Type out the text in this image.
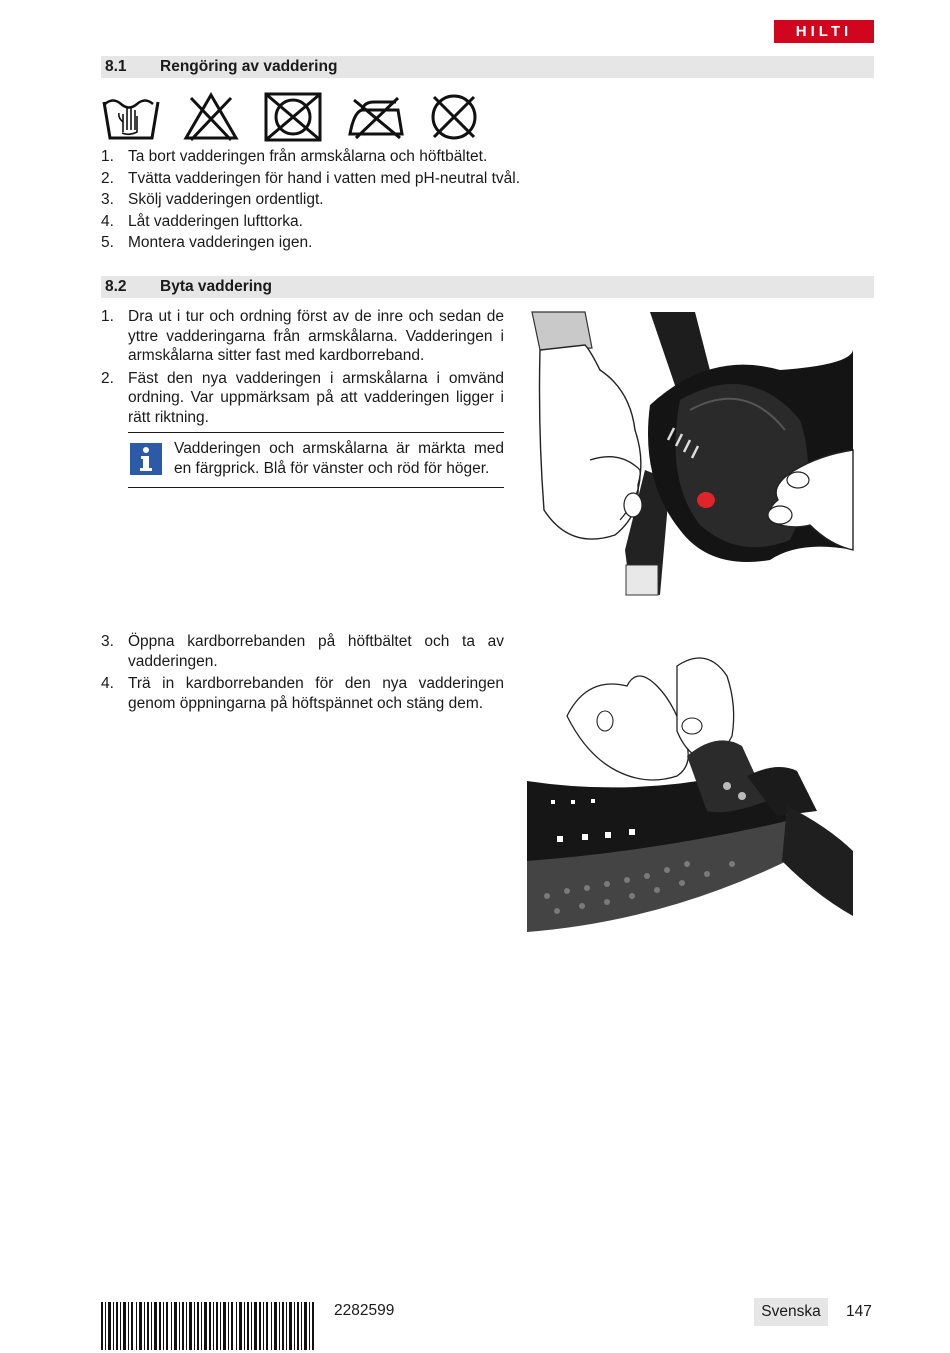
HILTI
8.1 Rengöring av vaddering
1. Ta bort vadderingen från armskålarna och höftbältet.
2. Tvätta vadderingen för hand i vatten med pH-neutral tvål.
3. Skölj vadderingen ordentligt.
4. Låt vadderingen lufttorka.
5. Montera vadderingen igen.
8.2 Byta vaddering
1. Dra ut i tur och ordning först av de inre och sedan de yttre vadderingarna från armskålarna. Vadderingen i armskålarna sitter fast med kardborreband.
2. Fäst den nya vadderingen i armskålarna i omvänd ordning. Var uppmärksam på att vadderingen ligger i rätt riktning.
Vadderingen och armskålarna är märkta med en färgprick. Blå för vänster och röd för höger.
3. Öppna kardborrebanden på höftbältet och ta av vadderingen.
4. Trä in kardborrebanden för den nya vadderingen genom öppningarna på höftspännet och stäng dem.
2282599	Svenska	147
